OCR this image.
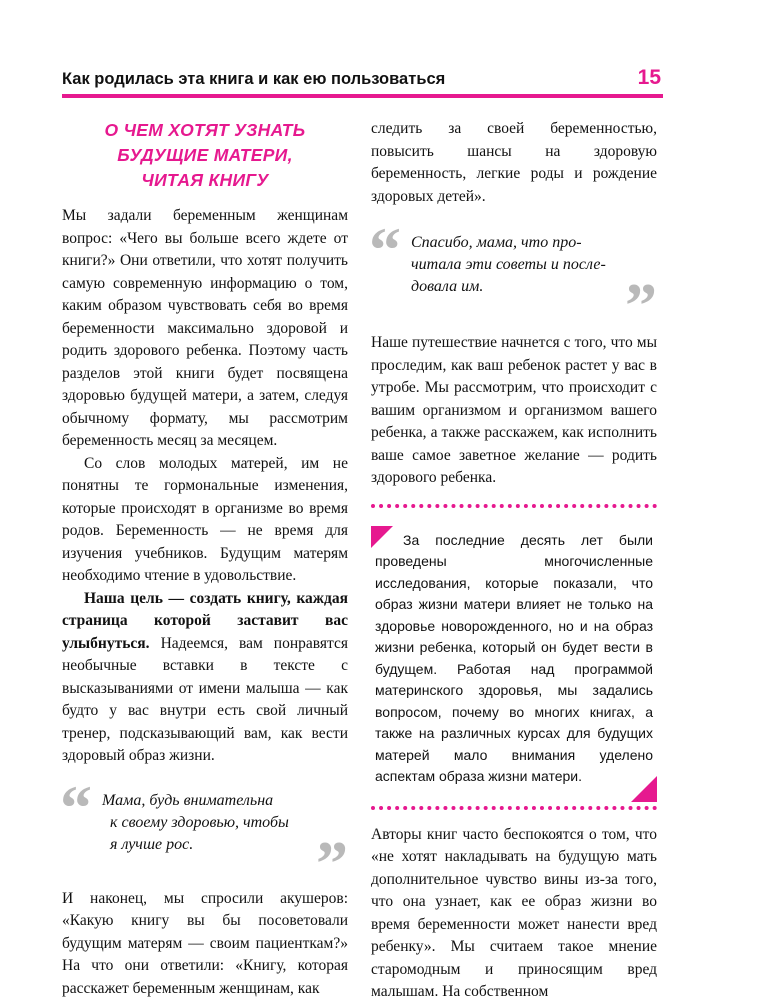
Как родилась эта книга и как ею пользоваться	15
О ЧЕМ ХОТЯТ УЗНАТЬ
БУДУЩИЕ МАТЕРИ,
ЧИТАЯ КНИГУ

Мы задали беременным женщинам вопрос: «Чего вы больше всего ждете от книги?» Они ответили, что хотят получить самую современную информацию о том, каким образом чувствовать себя во время беременности максимально здоровой и родить здорового ребенка. Поэтому часть разделов этой книги будет посвящена здоровью будущей матери, а затем, следуя обычному формату, мы рассмотрим беременность месяц за месяцем.

Со слов молодых матерей, им не понятны те гормональные изменения, которые происходят в организме во время родов. Беременность — не время для изучения учебников. Будущим матерям необходимо чтение в удовольствие.

Наша цель — создать книгу, каждая страница которой заставит вас улыбнуться. Надеемся, вам понравятся необычные вставки в тексте с высказываниями от имени малыша — как будто у вас внутри есть свой личный тренер, подсказывающий вам, как вести здоровый образ жизни.

“ Мама, будь внимательна
к своему здоровью, чтобы
я лучше рос.	”

И наконец, мы спросили акушеров: «Какую книгу вы бы посоветовали будущим матерям — своим пациенткам?» На что они ответили: «Книгу, которая расскажет беременным женщинам, как

следить за своей беременностью, повысить шансы на здоровую беременность, легкие роды и рождение здоровых детей».

“ Спасибо, мама, что про-
читала эти советы и после-
довала им.	”

Наше путешествие начнется с того, что мы проследим, как ваш ребенок растет у вас в утробе. Мы рассмотрим, что происходит с вашим организмом и организмом вашего ребенка, а также расскажем, как исполнить ваше самое заветное желание — родить здорового ребенка.

За последние десять лет были проведены многочисленные исследования, которые показали, что образ жизни матери влияет не только на здоровье новорожденного, но и на образ жизни ребенка, который он будет вести в будущем. Работая над программой материнского здоровья, мы задались вопросом, почему во многих книгах, а также на различных курсах для будущих матерей мало внимания уделено аспектам образа жизни матери.

Авторы книг часто беспокоятся о том, что «не хотят накладывать на будущую мать дополнительное чувство вины из-за того, что она узнает, как ее образ жизни во время беременности может нанести вред ребенку». Мы считаем такое мнение старомодным и приносящим вред малышам. На собственном
